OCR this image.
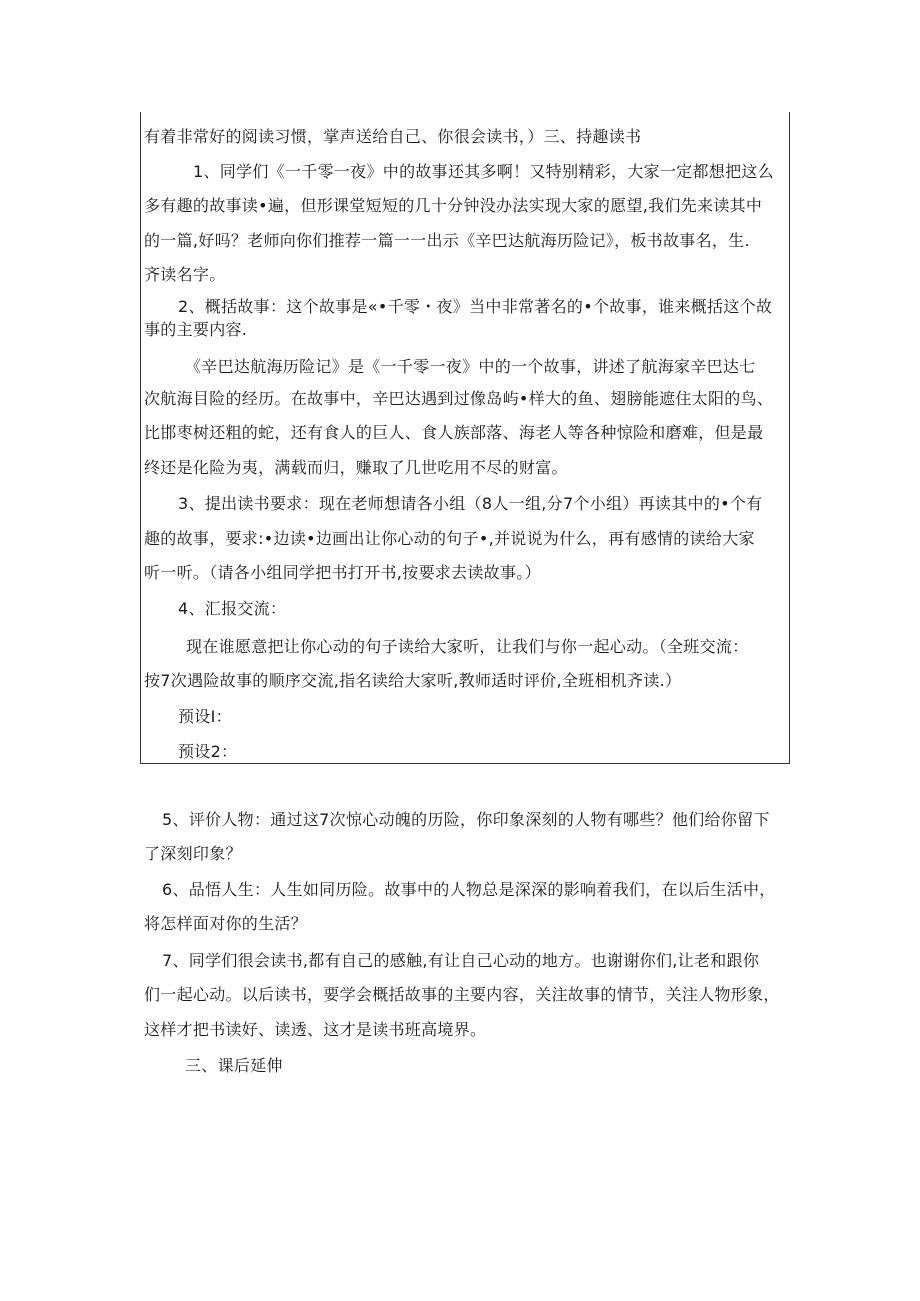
有着非常好的阅读习惯，掌声送给自己、你很会读书，）三、持趣读书
1、同学们《一千零一夜》中的故事还其多啊！又特别精彩，大家一定都想把这么
多有趣的故事读•遍，但形课堂短短的几十分钟没办法实现大家的愿望,我们先来读其中
的一篇,好吗？老师向你们推荐一篇一一出示《辛巴达航海历险记》，板书故事名，生.
齐读名字。
2、概括故事：这个故事是«•千零・夜》当中非常著名的•个故事，谁来概括这个故
事的主要内容.
《辛巴达航海历险记》是《一千零一夜》中的一个故事，讲述了航海家辛巴达七
次航海目险的经历。在故事中，辛巴达遇到过像岛屿•样大的鱼、翅膀能遮住太阳的鸟、
比邯枣树还粗的蛇，还有食人的巨人、食人族部落、海老人等各种惊险和磨难，但是最
终还是化险为夷，满载而归，赚取了几世吃用不尽的财富。
3、提出读书要求：现在老师想请各小组（8人一组,分7个小组）再读其中的•个有
趣的故事，要求:•边读•边画出让你心动的句子•,并说说为什么，再有感情的读给大家
听一听。（请各小组同学把书打开书,按要求去读故事。）
4、汇报交流：
现在谁愿意把让你心动的句子读给大家听，让我们与你一起心动。（全班交流：
按7次遇险故事的顺序交流,指名读给大家听,教师适时评价,全班相机齐读.）
预设I：
预设2：
5、评价人物：通过这7次惊心动魄的历险，你印象深刻的人物有哪些？他们给你留下
了深刻印象？
6、品悟人生：人生如同历险。故事中的人物总是深深的影响着我们，在以后生活中，
将怎样面对你的生活？
7、同学们很会读书,都有自己的感触,有让自己心动的地方。也谢谢你们,让老和跟你
们一起心动。以后读书，要学会概括故事的主要内容，关注故事的情节，关注人物形象，
这样才把书读好、读透、这才是读书班高境界。
三、课后延伸
